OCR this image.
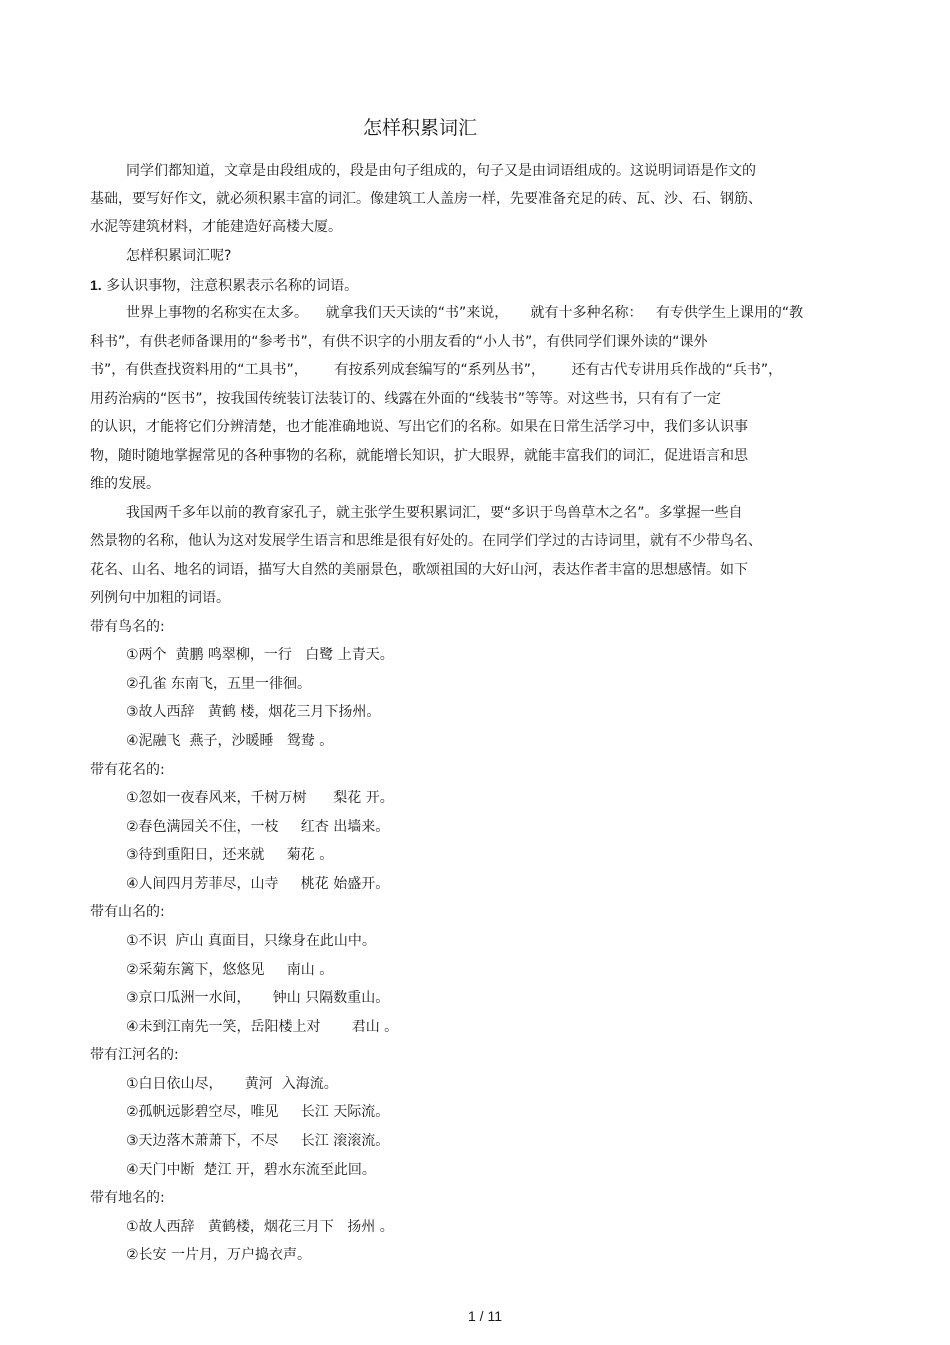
怎样积累词汇
同学们都知道，文章是由段组成的，段是由句子组成的，句子又是由词语组成的。这说明词语是作文的
基础，要写好作文，就必须积累丰富的词汇。像建筑工人盖房一样，先要准备充足的砖、瓦、沙、石、钢筋、
水泥等建筑材料，才能建造好高楼大厦。
怎样积累词汇呢?
1. 多认识事物，注意积累表示名称的词语。
世界上事物的名称实在太多。    就拿我们天天读的“书”来说，     就有十多种名称：   有专供学生上课用的“教
科书”，有供老师备课用的“参考书”，有供不识字的小朋友看的“小人书”，有供同学们课外读的“课外
书”，有供查找资料用的“工具书”，      有按系列成套编写的“系列丛书”，      还有古代专讲用兵作战的“兵书”，
用药治病的“医书”，按我国传统装订法装订的、线露在外面的“线装书”等等。对这些书，只有有了一定
的认识，才能将它们分辨清楚，也才能准确地说、写出它们的名称。如果在日常生活学习中，我们多认识事
物，随时随地掌握常见的各种事物的名称，就能增长知识，扩大眼界，就能丰富我们的词汇，促进语言和思
维的发展。
我国两千多年以前的教育家孔子，就主张学生要积累词汇，要“多识于鸟兽草木之名”。多掌握一些自
然景物的名称，他认为这对发展学生语言和思维是很有好处的。在同学们学过的古诗词里，就有不少带鸟名、
花名、山名、地名的词语，描写大自然的美丽景色，歌颂祖国的大好山河，表达作者丰富的思想感情。如下
列例句中加粗的词语。
带有鸟名的:
①两个  黄鹏 鸣翠柳，一行   白鹭 上青天。
②孔雀 东南飞，五里一徘徊。
③故人西辞   黄鹤 楼，烟花三月下扬州。
④泥融飞  燕子，沙暖睡   鸳鸯 。
带有花名的:
①忽如一夜春风来，千树万树      梨花 开。
②春色满园关不住，一枝     红杏 出墙来。
③待到重阳日，还来就     菊花 。
④人间四月芳菲尽，山寺     桃花 始盛开。
带有山名的:
①不识  庐山 真面目，只缘身在此山中。
②采菊东篱下，悠悠见     南山 。
③京口瓜洲一水间，     钟山 只隔数重山。
④未到江南先一笑，岳阳楼上对       君山 。
带有江河名的:
①白日依山尽，     黄河  入海流。
②孤帆远影碧空尽，唯见     长江 天际流。
③天边落木萧萧下，不尽     长江 滚滚流。
④天门中断  楚江 开，碧水东流至此回。
带有地名的:
①故人西辞   黄鹤楼，烟花三月下   扬州 。
②长安 一片月，万户捣衣声。
1 / 11
